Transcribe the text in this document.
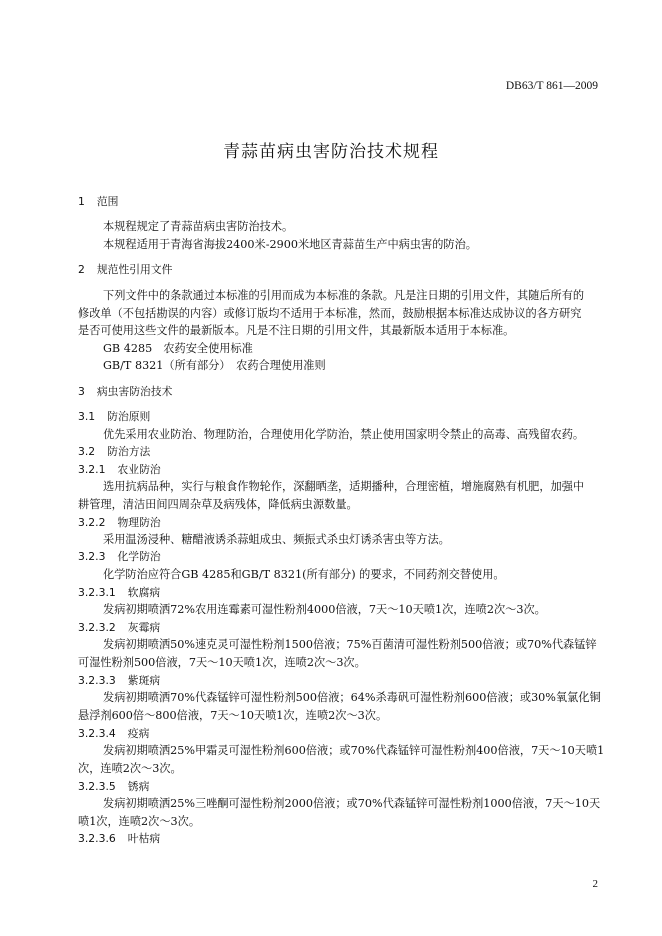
DB63/T 861—2009
青蒜苗病虫害防治技术规程
1 范围
本规程规定了青蒜苗病虫害防治技术。
本规程适用于青海省海拔2400米-2900米地区青蒜苗生产中病虫害的防治。
2 规范性引用文件
下列文件中的条款通过本标准的引用而成为本标准的条款。凡是注日期的引用文件，其随后所有的
修改单（不包括勘误的内容）或修订版均不适用于本标准，然而，鼓励根据本标准达成协议的各方研究
是否可使用这些文件的最新版本。凡是不注日期的引用文件，其最新版本适用于本标准。
GB 4285　农药安全使用标准
GB/T 8321（所有部分）　农药合理使用准则
3 病虫害防治技术
3.1 防治原则
优先采用农业防治、物理防治，合理使用化学防治，禁止使用国家明令禁止的高毒、高残留农药。
3.2 防治方法
3.2.1 农业防治
选用抗病品种，实行与粮食作物轮作，深翻晒垄，适期播种，合理密植，增施腐熟有机肥，加强中
耕管理，清洁田间四周杂草及病残体，降低病虫源数量。
3.2.2 物理防治
采用温汤浸种、糖醋液诱杀蒜蛆成虫、频振式杀虫灯诱杀害虫等方法。
3.2.3 化学防治
化学防治应符合GB 4285和GB/T 8321(所有部分) 的要求，不同药剂交替使用。
3.2.3.1 软腐病
发病初期喷洒72%农用连霉素可湿性粉剂4000倍液，7天～10天喷1次，连喷2次～3次。
3.2.3.2 灰霉病
发病初期喷洒50%速克灵可湿性粉剂1500倍液；75%百菌清可湿性粉剂500倍液；或70%代森锰锌
可湿性粉剂500倍液，7天～10天喷1次，连喷2次～3次。
3.2.3.3 紫斑病
发病初期喷洒70%代森锰锌可湿性粉剂500倍液；64%杀毒矾可湿性粉剂600倍液；或30%氧氯化铜
悬浮剂600倍～800倍液，7天～10天喷1次，连喷2次～3次。
3.2.3.4 疫病
发病初期喷洒25%甲霜灵可湿性粉剂600倍液；或70%代森锰锌可湿性粉剂400倍液，7天～10天喷1
次，连喷2次～3次。
3.2.3.5 锈病
发病初期喷洒25%三唑酮可湿性粉剂2000倍液；或70%代森锰锌可湿性粉剂1000倍液，7天～10天
喷1次，连喷2次～3次。
3.2.3.6 叶枯病
2
